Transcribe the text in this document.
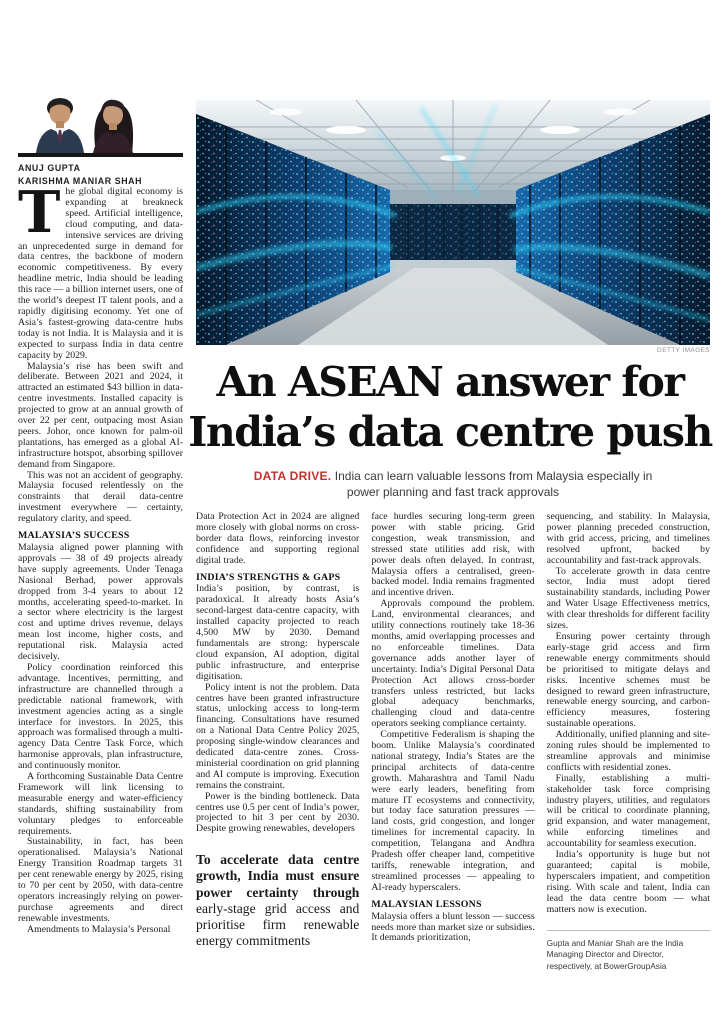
ANUJ GUPTA
KARISHMA MANIAR SHAH

The global digital economy is expanding at breakneck speed. Artificial intelligence, cloud computing, and data-intensive services are driving an unprecedented surge in demand for data centres, the backbone of modern economic competitiveness. By every headline metric, India should be leading this race — a billion internet users, one of the world’s deepest IT talent pools, and a rapidly digitising economy. Yet one of Asia’s fastest-growing data-centre hubs today is not India. It is Malaysia and it is expected to surpass India in data centre capacity by 2029.

Malaysia’s rise has been swift and deliberate. Between 2021 and 2024, it attracted an estimated $43 billion in data-centre investments. Installed capacity is projected to grow at an annual growth of over 22 per cent, outpacing most Asian peers. Johor, once known for palm-oil plantations, has emerged as a global AI-infrastructure hotspot, absorbing spillover demand from Singapore.

This was not an accident of geography. Malaysia focused relentlessly on the constraints that derail data-centre investment everywhere — certainty, regulatory clarity, and speed.

MALAYSIA’S SUCCESS

Malaysia aligned power planning with approvals — 38 of 49 projects already have supply agreements. Under Tenaga Nasional Berhad, power approvals dropped from 3-4 years to about 12 months, accelerating speed-to-market. In a sector where electricity is the largest cost and uptime drives revenue, delays mean lost income, higher costs, and reputational risk. Malaysia acted decisively.

Policy coordination reinforced this advantage. Incentives, permitting, and infrastructure are channelled through a predictable national framework, with investment agencies acting as a single interface for investors. In 2025, this approach was formalised through a multi-agency Data Centre Task Force, which harmonise approvals, plan infrastructure, and continuously monitor.

A forthcoming Sustainable Data Centre Framework will link licensing to measurable energy and water-efficiency standards, shifting sustainability from voluntary pledges to enforceable requirements.

Sustainability, in fact, has been operationalised. Malaysia’s National Energy Transition Roadmap targets 31 per cent renewable energy by 2025, rising to 70 per cent by 2050, with data-centre operators increasingly relying on power-purchase agreements and direct renewable investments.

Amendments to Malaysia’s Personal

GETTY IMAGES
An ASEAN answer for
India’s data centre push
DATA DRIVE. India can learn valuable lessons from Malaysia especially in power planning and fast track approvals

Data Protection Act in 2024 are aligned more closely with global norms on cross-border data flows, reinforcing investor confidence and supporting regional digital trade.

INDIA’S STRENGTHS & GAPS

India’s position, by contrast, is paradoxical. It already hosts Asia’s second-largest data-centre capacity, with installed capacity projected to reach 4,500 MW by 2030. Demand fundamentals are strong: hyperscale cloud expansion, AI adoption, digital public infrastructure, and enterprise digitisation.

Policy intent is not the problem. Data centres have been granted infrastructure status, unlocking access to long-term financing. Consultations have resumed on a National Data Centre Policy 2025, proposing single-window clearances and dedicated data-centre zones. Cross-ministerial coordination on grid planning and AI compute is improving. Execution remains the constraint.

Power is the binding bottleneck. Data centres use 0.5 per cent of India’s power, projected to hit 3 per cent by 2030. Despite growing renewables, developers

To accelerate data centre growth, India must ensure power certainty through early-stage grid access and prioritise firm renewable energy commitments

face hurdles securing long-term green power with stable pricing. Grid congestion, weak transmission, and stressed state utilities add risk, with power deals often delayed. In contrast, Malaysia offers a centralised, green-backed model. India remains fragmented and incentive driven.

Approvals compound the problem. Land, environmental clearances, and utility connections routinely take 18-36 months, amid overlapping processes and no enforceable timelines. Data governance adds another layer of uncertainty. India’s Digital Personal Data Protection Act allows cross-border transfers unless restricted, but lacks global adequacy benchmarks, challenging cloud and data-centre operators seeking compliance certainty.

Competitive Federalism is shaping the boom. Unlike Malaysia’s coordinated national strategy, India’s States are the principal architects of data-centre growth. Maharashtra and Tamil Nadu were early leaders, benefiting from mature IT ecosystems and connectivity, but today face saturation pressures — land costs, grid congestion, and longer timelines for incremental capacity. In competition, Telangana and Andhra Pradesh offer cheaper land, competitive tariffs, renewable integration, and streamlined processes — appealing to AI-ready hyperscalers.

MALAYSIAN LESSONS

Malaysia offers a blunt lesson — success needs more than market size or subsidies. It demands prioritization,

sequencing, and stability. In Malaysia, power planning preceded construction, with grid access, pricing, and timelines resolved upfront, backed by accountability and fast-track approvals.

To accelerate growth in data centre sector, India must adopt tiered sustainability standards, including Power and Water Usage Effectiveness metrics, with clear thresholds for different facility sizes.

Ensuring power certainty through early-stage grid access and firm renewable energy commitments should be prioritised to mitigate delays and risks. Incentive schemes must be designed to reward green infrastructure, renewable energy sourcing, and carbon-efficiency measures, fostering sustainable operations.

Additionally, unified planning and site-zoning rules should be implemented to streamline approvals and minimise conflicts with residential zones.

Finally, establishing a multi-stakeholder task force comprising industry players, utilities, and regulators will be critical to coordinate planning, grid expansion, and water management, while enforcing timelines and accountability for seamless execution.

India’s opportunity is huge but not guaranteed; capital is mobile, hyperscalers impatient, and competition rising. With scale and talent, India can lead the data centre boom — what matters now is execution.

Gupta and Maniar Shah are the India Managing Director and Director, respectively, at BowerGroupAsia
